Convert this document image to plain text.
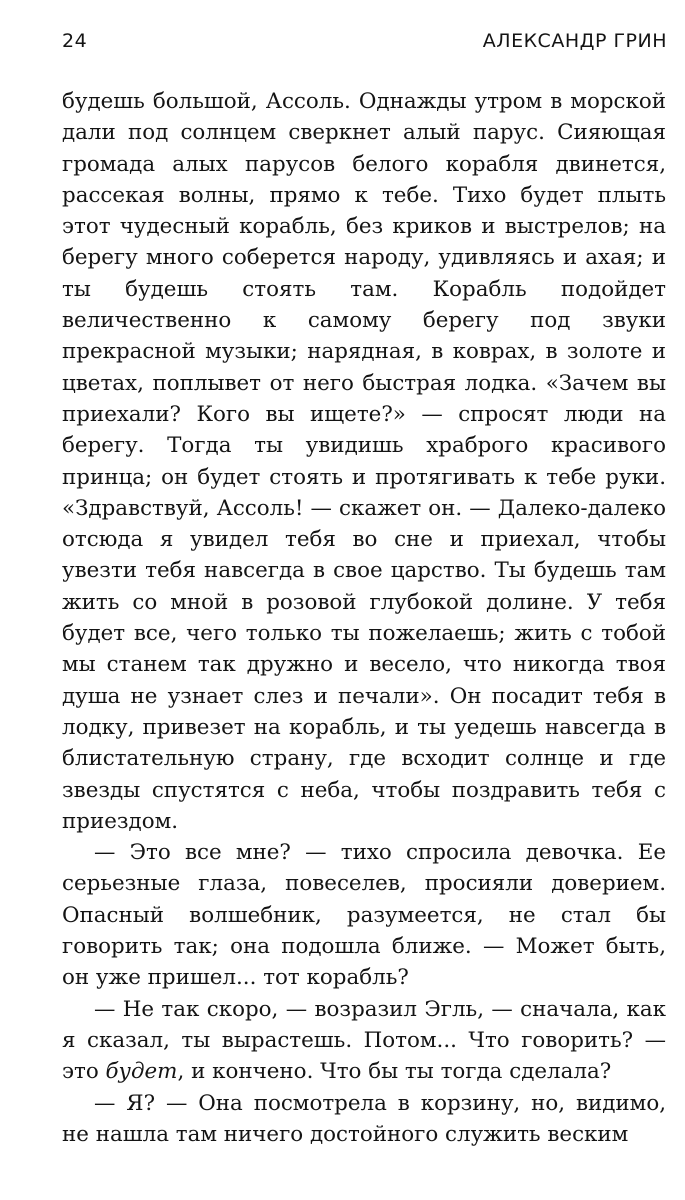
24	АЛЕКСАНДР ГРИН

будешь большой, Ассоль. Однажды утром в морской дали под солнцем сверкнет алый парус. Сияющая громада алых парусов белого корабля двинется, рассекая волны, прямо к тебе. Тихо будет плыть этот чудесный корабль, без криков и выстрелов; на берегу много соберется народу, удивляясь и ахая; и ты будешь стоять там. Корабль подойдет величественно к самому берегу под звуки прекрасной музыки; нарядная, в коврах, в золоте и цветах, поплывет от него быстрая лодка. «Зачем вы приехали? Кого вы ищете?» — спросят люди на берегу. Тогда ты увидишь храброго красивого принца; он будет стоять и протягивать к тебе руки. «Здравствуй, Ассоль! — скажет он. — Далеко-далеко отсюда я увидел тебя во сне и приехал, чтобы увезти тебя навсегда в свое царство. Ты будешь там жить со мной в розовой глубокой долине. У тебя будет все, чего только ты пожелаешь; жить с тобой мы станем так дружно и весело, что никогда твоя душа не узнает слез и печали». Он посадит тебя в лодку, привезет на корабль, и ты уедешь навсегда в блистательную страну, где всходит солнце и где звезды спустятся с неба, чтобы поздравить тебя с приездом.

— Это все мне? — тихо спросила девочка. Ее серьезные глаза, повеселев, просияли доверием. Опасный волшебник, разумеется, не стал бы говорить так; она подошла ближе. — Может быть, он уже пришел... тот корабль?

— Не так скоро, — возразил Эгль, — сначала, как я сказал, ты вырастешь. Потом... Что говорить? — это будет, и кончено. Что бы ты тогда сделала?

— Я? — Она посмотрела в корзину, но, видимо, не нашла там ничего достойного служить веским
